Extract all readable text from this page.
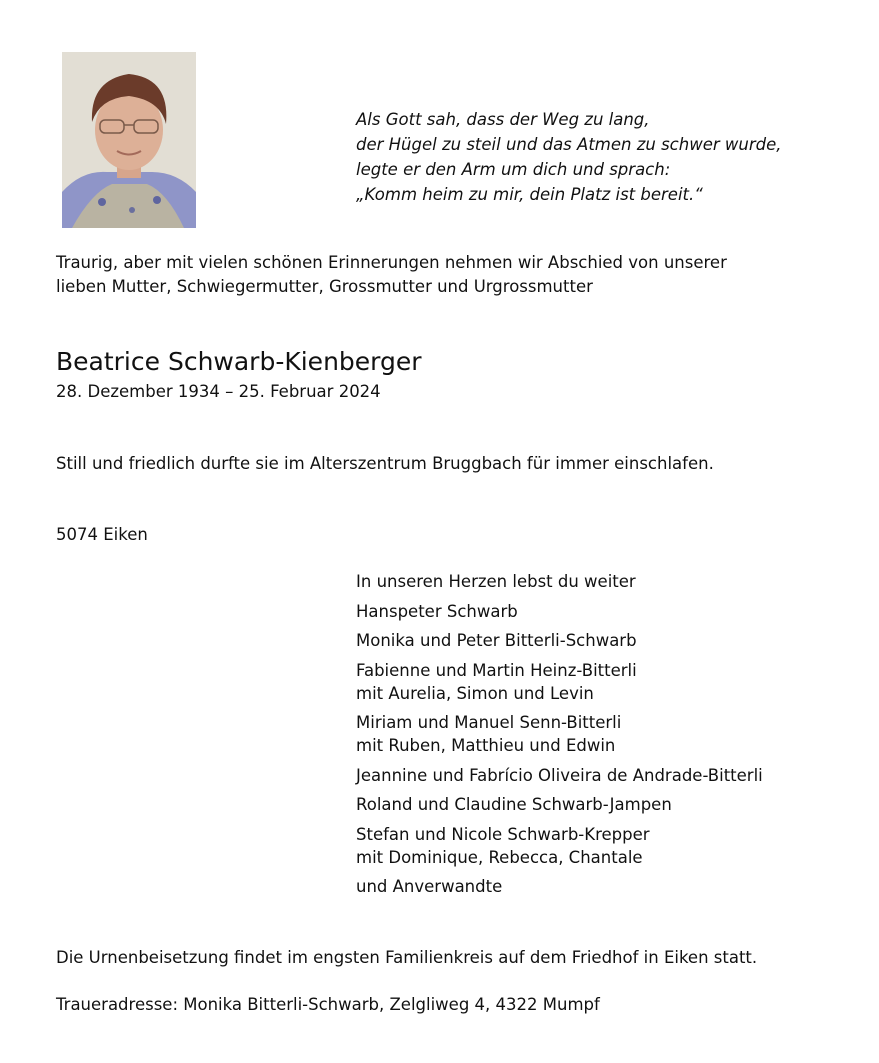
Als Gott sah, dass der Weg zu lang,
der Hügel zu steil und das Atmen zu schwer wurde,
legte er den Arm um dich und sprach:
„Komm heim zu mir, dein Platz ist bereit.“
Traurig, aber mit vielen schönen Erinnerungen nehmen wir Abschied von unserer
lieben Mutter, Schwiegermutter, Grossmutter und Urgrossmutter
Beatrice Schwarb-Kienberger
28. Dezember 1934 – 25. Februar 2024
Still und friedlich durfte sie im Alterszentrum Bruggbach für immer einschlafen.
5074 Eiken
In unseren Herzen lebst du weiter
Hanspeter Schwarb
Monika und Peter Bitterli-Schwarb
Fabienne und Martin Heinz-Bitterli
mit Aurelia, Simon und Levin
Miriam und Manuel Senn-Bitterli
mit Ruben, Matthieu und Edwin
Jeannine und Fabrício Oliveira de Andrade-Bitterli
Roland und Claudine Schwarb-Jampen
Stefan und Nicole Schwarb-Krepper
mit Dominique, Rebecca, Chantale
und Anverwandte
Die Urnenbeisetzung findet im engsten Familienkreis auf dem Friedhof in Eiken statt.
Traueradresse: Monika Bitterli-Schwarb, Zelgliweg 4, 4322 Mumpf
